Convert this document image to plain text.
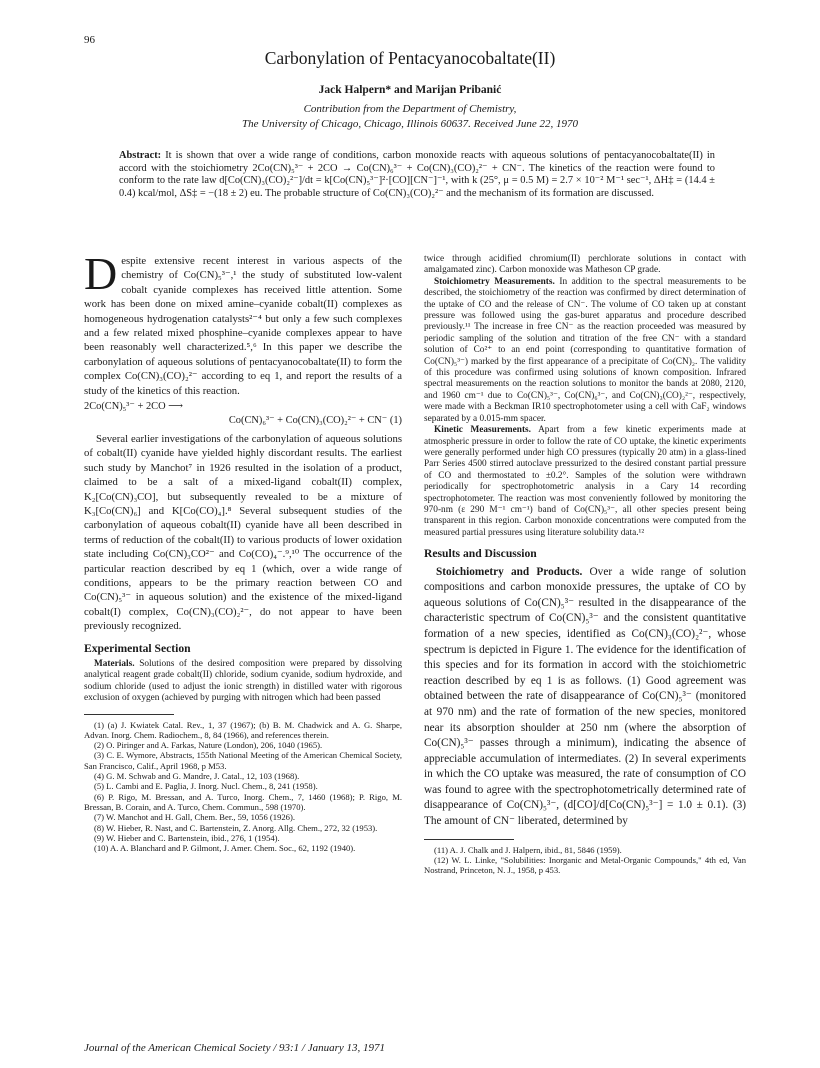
96
Carbonylation of Pentacyanocobaltate(II)
Jack Halpern* and Marijan Pribanić
Contribution from the Department of Chemistry,
The University of Chicago, Chicago, Illinois 60637. Received June 22, 1970
Abstract: It is shown that over a wide range of conditions, carbon monoxide reacts with aqueous solutions of pentacyanocobaltate(II) in accord with the stoichiometry 2Co(CN)₅³⁻ + 2CO → Co(CN)₆³⁻ + Co(CN)₃(CO)₂²⁻ + CN⁻. The kinetics of the reaction were found to conform to the rate law d[Co(CN)₃(CO)₂²⁻]/dt = k[Co(CN)₅³⁻]²·[CO][CN⁻]⁻¹, with k (25°, μ = 0.5 M) = 2.7 × 10⁻² M⁻¹ sec⁻¹, ΔH‡ = (14.4 ± 0.4) kcal/mol, ΔS‡ = −(18 ± 2) eu. The probable structure of Co(CN)₃(CO)₂²⁻ and the mechanism of its formation are discussed.

Despite extensive recent interest in various aspects of the chemistry of Co(CN)₅³⁻,¹ the study of substituted low-valent cobalt cyanide complexes has received little attention. Some work has been done on mixed amine–cyanide cobalt(II) complexes as homogeneous hydrogenation catalysts²⁻⁴ but only a few such complexes and a few related mixed phosphine–cyanide complexes appear to have been reasonably well characterized.⁵,⁶ In this paper we describe the carbonylation of aqueous solutions of pentacyanocobaltate(II) to form the complex Co(CN)₃(CO)₂²⁻ according to eq 1, and report the results of a study of the kinetics of this reaction.

2Co(CN)₅³⁻ + 2CO ⟶
Co(CN)₆³⁻ + Co(CN)₃(CO)₂²⁻ + CN⁻ (1)

Several earlier investigations of the carbonylation of aqueous solutions of cobalt(II) cyanide have yielded highly discordant results. The earliest such study by Manchot⁷ in 1926 resulted in the isolation of a product, claimed to be a salt of a mixed-ligand cobalt(II) complex, K₂[Co(CN)₃CO], but subsequently revealed to be a mixture of K₃[Co(CN)₆] and K[Co(CO)₄].⁸ Several subsequent studies of the carbonylation of aqueous cobalt(II) cyanide have all been described in terms of reduction of the cobalt(II) to various products of lower oxidation state including Co(CN)₃CO²⁻ and Co(CO)₄⁻.⁹,¹⁰ The occurrence of the particular reaction described by eq 1 (which, over a wide range of conditions, appears to be the primary reaction between CO and Co(CN)₅³⁻ in aqueous solution) and the existence of the mixed-ligand cobalt(I) complex, Co(CN)₃(CO)₂²⁻, do not appear to have been previously recognized.

Experimental Section

Materials. Solutions of the desired composition were prepared by dissolving analytical reagent grade cobalt(II) chloride, sodium cyanide, sodium hydroxide, and sodium chloride (used to adjust the ionic strength) in distilled water with rigorous exclusion of oxygen (achieved by purging with nitrogen which had been passed

(1) (a) J. Kwiatek Catal. Rev., 1, 37 (1967); (b) B. M. Chadwick and A. G. Sharpe, Advan. Inorg. Chem. Radiochem., 8, 84 (1966), and references therein.
(2) O. Piringer and A. Farkas, Nature (London), 206, 1040 (1965).
(3) C. E. Wymore, Abstracts, 155th National Meeting of the American Chemical Society, San Francisco, Calif., April 1968, p M53.
(4) G. M. Schwab and G. Mandre, J. Catal., 12, 103 (1968).
(5) L. Cambi and E. Paglia, J. Inorg. Nucl. Chem., 8, 241 (1958).
(6) P. Rigo, M. Bressan, and A. Turco, Inorg. Chem., 7, 1460 (1968); P. Rigo, M. Bressan, B. Corain, and A. Turco, Chem. Commun., 598 (1970).
(7) W. Manchot and H. Gall, Chem. Ber., 59, 1056 (1926).
(8) W. Hieber, R. Nast, and C. Bartenstein, Z. Anorg. Allg. Chem., 272, 32 (1953).
(9) W. Hieber and C. Bartenstein, ibid., 276, 1 (1954).
(10) A. A. Blanchard and P. Gilmont, J. Amer. Chem. Soc., 62, 1192 (1940).

twice through acidified chromium(II) perchlorate solutions in contact with amalgamated zinc). Carbon monoxide was Matheson CP grade.

Stoichiometry Measurements. In addition to the spectral measurements to be described, the stoichiometry of the reaction was confirmed by direct determination of the uptake of CO and the release of CN⁻. The volume of CO taken up at constant pressure was followed using the gas-buret apparatus and procedure described previously.¹¹ The increase in free CN⁻ as the reaction proceeded was measured by periodic sampling of the solution and titration of the free CN⁻ with a standard solution of Co²⁺ to an end point (corresponding to quantitative formation of Co(CN)₅³⁻) marked by the first appearance of a precipitate of Co(CN)₂. The validity of this procedure was confirmed using solutions of known composition. Infrared spectral measurements on the reaction solutions to monitor the bands at 2080, 2120, and 1960 cm⁻¹ due to Co(CN)₅³⁻, Co(CN)₆³⁻, and Co(CN)₃(CO)₂²⁻, respectively, were made with a Beckman IR10 spectrophotometer using a cell with CaF₂ windows separated by a 0.015-mm spacer.

Kinetic Measurements. Apart from a few kinetic experiments made at atmospheric pressure in order to follow the rate of CO uptake, the kinetic experiments were generally performed under high CO pressures (typically 20 atm) in a glass-lined Parr Series 4500 stirred autoclave pressurized to the desired constant partial pressure of CO and thermostated to ±0.2°. Samples of the solution were withdrawn periodically for spectrophotometric analysis in a Cary 14 recording spectrophotometer. The reaction was most conveniently followed by monitoring the 970-nm (ε 290 M⁻¹ cm⁻¹) band of Co(CN)₅³⁻, all other species present being transparent in this region. Carbon monoxide concentrations were computed from the measured partial pressures using literature solubility data.¹²

Results and Discussion

Stoichiometry and Products. Over a wide range of solution compositions and carbon monoxide pressures, the uptake of CO by aqueous solutions of Co(CN)₅³⁻ resulted in the disappearance of the characteristic spectrum of Co(CN)₅³⁻ and the consistent quantitative formation of a new species, identified as Co(CN)₃(CO)₂²⁻, whose spectrum is depicted in Figure 1. The evidence for the identification of this species and for its formation in accord with the stoichiometric reaction described by eq 1 is as follows. (1) Good agreement was obtained between the rate of disappearance of Co(CN)₅³⁻ (monitored at 970 nm) and the rate of formation of the new species, monitored near its absorption shoulder at 250 nm (where the absorption of Co(CN)₅³⁻ passes through a minimum), indicating the absence of appreciable accumulation of intermediates. (2) In several experiments in which the CO uptake was measured, the rate of consumption of CO was found to agree with the spectrophotometrically determined rate of disappearance of Co(CN)₅³⁻, (d[CO]/d[Co(CN)₅³⁻] = 1.0 ± 0.1). (3) The amount of CN⁻ liberated, determined by

(11) A. J. Chalk and J. Halpern, ibid., 81, 5846 (1959).
(12) W. L. Linke, "Solubilities: Inorganic and Metal-Organic Compounds," 4th ed, Van Nostrand, Princeton, N. J., 1958, p 453.
Journal of the American Chemical Society / 93:1 / January 13, 1971
